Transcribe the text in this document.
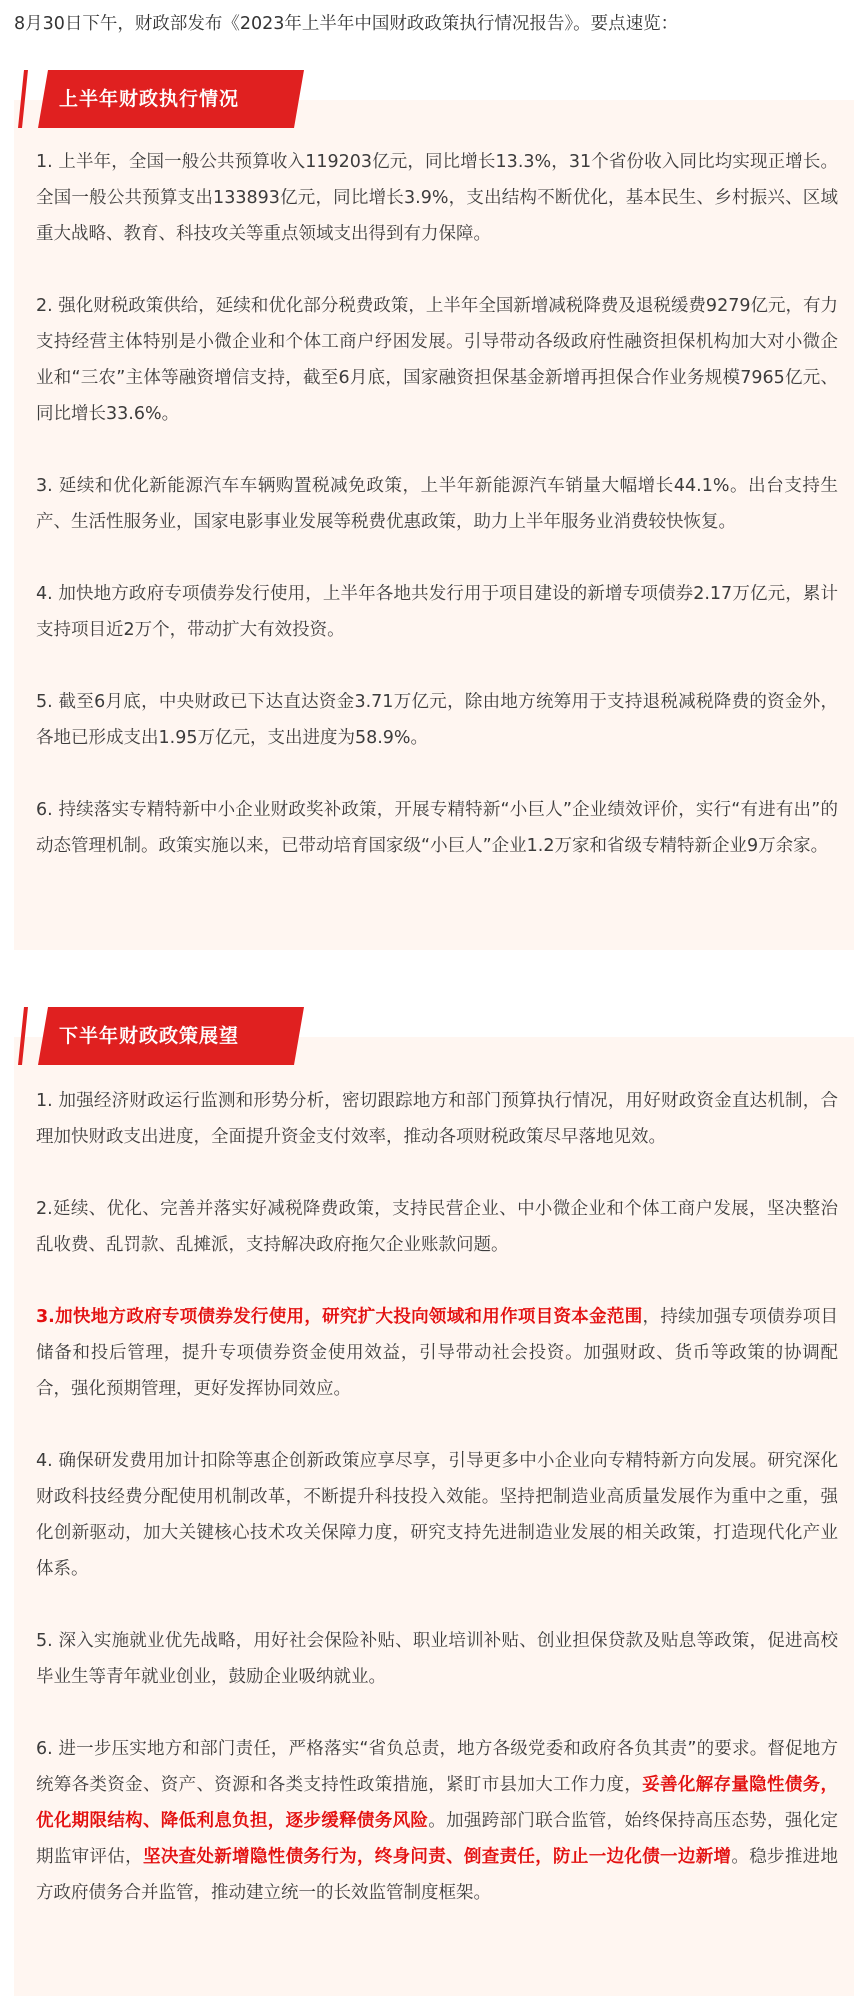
8月30日下午，财政部发布《2023年上半年中国财政政策执行情况报告》。要点速览：
上半年财政执行情况

1. 上半年，全国一般公共预算收入119203亿元，同比增长13.3%，31个省份收入同比均实现正增长。全国一般公共预算支出133893亿元，同比增长3.9%，支出结构不断优化，基本民生、乡村振兴、区域重大战略、教育、科技攻关等重点领域支出得到有力保障。

2. 强化财税政策供给，延续和优化部分税费政策，上半年全国新增减税降费及退税缓费9279亿元，有力支持经营主体特别是小微企业和个体工商户纾困发展。引导带动各级政府性融资担保机构加大对小微企业和“三农”主体等融资增信支持，截至6月底，国家融资担保基金新增再担保合作业务规模7965亿元、同比增长33.6%。

3. 延续和优化新能源汽车车辆购置税减免政策，上半年新能源汽车销量大幅增长44.1%。出台支持生产、生活性服务业，国家电影事业发展等税费优惠政策，助力上半年服务业消费较快恢复。

4. 加快地方政府专项债券发行使用，上半年各地共发行用于项目建设的新增专项债券2.17万亿元，累计支持项目近2万个，带动扩大有效投资。

5. 截至6月底，中央财政已下达直达资金3.71万亿元，除由地方统筹用于支持退税减税降费的资金外，各地已形成支出1.95万亿元，支出进度为58.9%。

6. 持续落实专精特新中小企业财政奖补政策，开展专精特新“小巨人”企业绩效评价，实行“有进有出”的动态管理机制。政策实施以来，已带动培育国家级“小巨人”企业1.2万家和省级专精特新企业9万余家。

下半年财政政策展望

1. 加强经济财政运行监测和形势分析，密切跟踪地方和部门预算执行情况，用好财政资金直达机制，合理加快财政支出进度，全面提升资金支付效率，推动各项财税政策尽早落地见效。

2.延续、优化、完善并落实好减税降费政策，支持民营企业、中小微企业和个体工商户发展，坚决整治乱收费、乱罚款、乱摊派，支持解决政府拖欠企业账款问题。

3.加快地方政府专项债券发行使用，研究扩大投向领域和用作项目资本金范围，持续加强专项债券项目储备和投后管理，提升专项债券资金使用效益，引导带动社会投资。加强财政、货币等政策的协调配合，强化预期管理，更好发挥协同效应。

4. 确保研发费用加计扣除等惠企创新政策应享尽享，引导更多中小企业向专精特新方向发展。研究深化财政科技经费分配使用机制改革，不断提升科技投入效能。坚持把制造业高质量发展作为重中之重，强化创新驱动，加大关键核心技术攻关保障力度，研究支持先进制造业发展的相关政策，打造现代化产业体系。

5. 深入实施就业优先战略，用好社会保险补贴、职业培训补贴、创业担保贷款及贴息等政策，促进高校毕业生等青年就业创业，鼓励企业吸纳就业。

6. 进一步压实地方和部门责任，严格落实“省负总责，地方各级党委和政府各负其责”的要求。督促地方统筹各类资金、资产、资源和各类支持性政策措施，紧盯市县加大工作力度，妥善化解存量隐性债务，优化期限结构、降低利息负担，逐步缓释债务风险。加强跨部门联合监管，始终保持高压态势，强化定期监审评估，坚决查处新增隐性债务行为，终身问责、倒查责任，防止一边化债一边新增。稳步推进地方政府债务合并监管，推动建立统一的长效监管制度框架。
